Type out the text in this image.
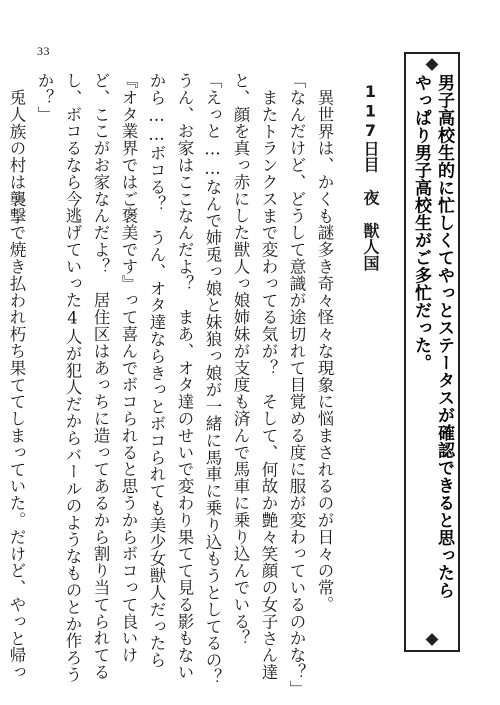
33
男子高校生的に忙しくてやっとステータスが確認できると思ったら
やっぱり男子高校生がご多忙だった。

117日目　夜　獣人国

異世界は、かくも謎多き奇々怪々な現象に悩まされるのが日々の常。

「なんだけど、どうして意識が途切れて目覚める度に服が変わっているのかな？」

またトランクスまで変わってる気が？　そして、何故か艶々笑顔の女子さん達と、顔を真っ赤にした獣人っ娘姉妹が支度も済んで馬車に乗り込んでいる？

「えっと……なんで姉兎っ娘と妹狼っ娘が一緒に馬車に乗り込もうとしてるの？　うん、お家はここなんだよ？　まあ、オタ達のせいで変わり果てて見る影もないから……ボコる？　うん、オタ達ならきっとボコられても美少女獣人だったら『オタ業界ではご褒美です』って喜んでボコられると思うからボコって良いけど、ここがお家なんだよ？　居住区はあっちに造ってあるから割り当てられてるし、ボコるなら今逃げていった4人が犯人だからバールのようなものとか作ろうか？」

兎人族の村は襲撃で焼き払われ朽ち果ててしまっていた。だけど、やっと帰っ　
